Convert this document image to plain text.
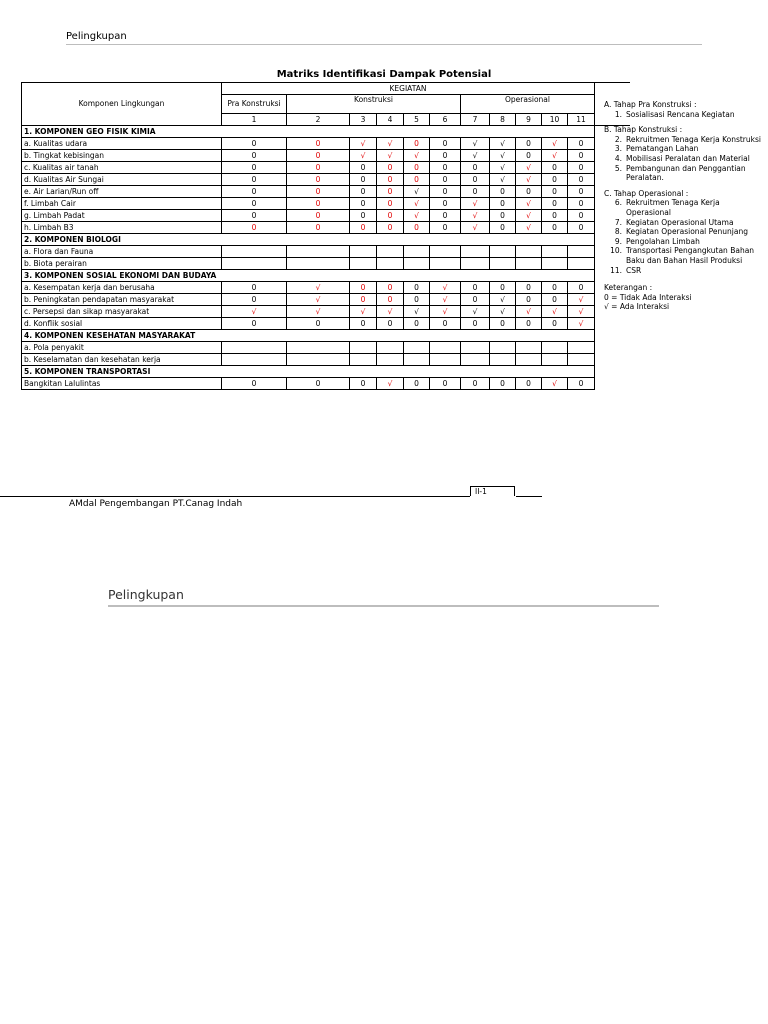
Pelingkupan
Matriks Identifikasi Dampak Potensial
Komponen Lingkungan	KEGIATAN											
	Pra Konstruksi	Konstruksi					Operasional					
	1	2	3	4	5	6	7	8	9	10	11	
1. KOMPONEN GEO FISIK KIMIA												
a. Kualitas udara	0	0	√	√	0	0	√	√	0	√	0	
b. Tingkat kebisingan	0	0	√	√	√	0	√	√	0	√	0	
c. Kualitas air tanah	0	0	0	0	0	0	0	√	√	0	0	
d. Kualitas Air Sungai	0	0	0	0	0	0	0	√	√	0	0	
e. Air Larian/Run off	0	0	0	0	√	0	0	0	0	0	0	
f. Limbah Cair	0	0	0	0	√	0	√	0	√	0	0	
g. Limbah Padat	0	0	0	0	√	0	√	0	√	0	0	
h. Limbah B3	0	0	0	0	0	0	√	0	√	0	0	
2. KOMPONEN BIOLOGI												
a. Flora dan Fauna												
b. Biota perairan												
3. KOMPONEN SOSIAL EKONOMI DAN BUDAYA												
a. Kesempatan kerja dan berusaha	0	√	0	0	0	√	0	0	0	0	0	
b. Peningkatan pendapatan masyarakat	0	√	0	0	0	√	0	√	0	0	√	
c. Persepsi dan sikap masyarakat	√	√	√	√	√	√	√	√	√	√	√	
d. Konflik sosial	0	0	0	0	0	0	0	0	0	0	√	
4. KOMPONEN KESEHATAN MASYARAKAT												
a. Pola penyakit												
b. Keselamatan dan kesehatan kerja												
5. KOMPONEN TRANSPORTASI												
Bangkitan Lalulintas	0	0	0	√	0	0	0	0	0	√	0	
A. Tahap Pra Konstruksi :
1. Sosialisasi Rencana Kegiatan
B. Tahap Konstruksi :
2. Rekruitmen Tenaga Kerja Konstruksi
3. Pematangan Lahan
4. Mobilisasi Peralatan dan Material
5. Pembangunan dan Penggantian Peralatan.
C. Tahap Operasional :
6. Rekruitmen Tenaga Kerja Operasional
7. Kegiatan Operasional Utama
8. Kegiatan Operasional Penunjang
9. Pengolahan Limbah
10. Transportasi Pengangkutan Bahan Baku dan Bahan Hasil Produksi
11. CSR
Keterangan :
0 = Tidak Ada Interaksi
√ = Ada Interaksi
II-1
AMdal Pengembangan PT.Canag Indah
Pelingkupan
